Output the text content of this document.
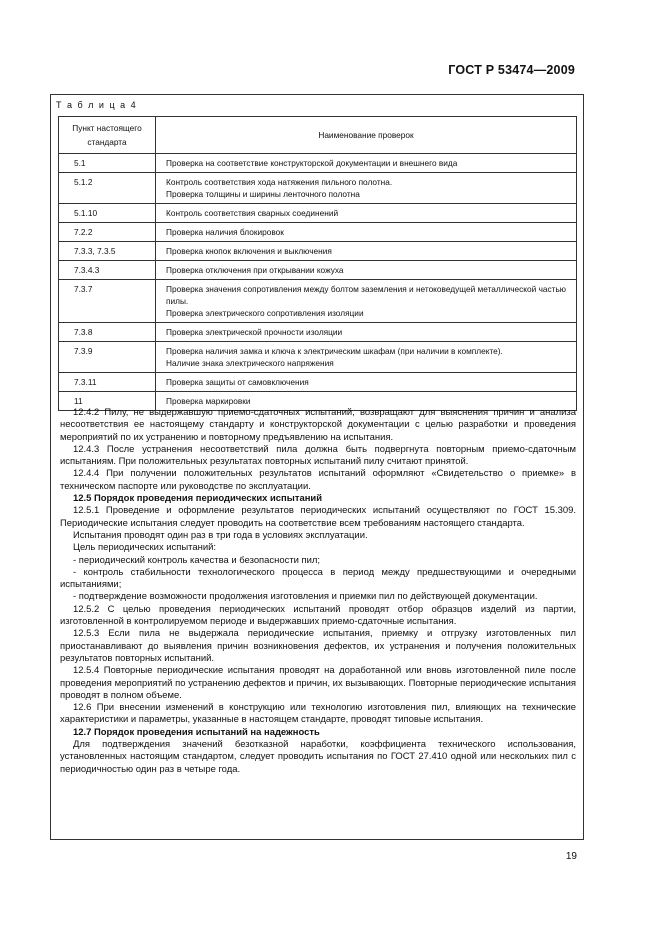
ГОСТ Р 53474—2009
Т а б л и ц а 4
Пункт настоящего стандарта	Наименование проверок
5.1	Проверка на соответствие конструкторской документации и внешнего вида

5.1.2	Контроль соответствия хода натяжения пильного полотна.
Проверка толщины и ширины ленточного полотна

5.1.10	Контроль соответствия сварных соединений

7.2.2	Проверка наличия блокировок

7.3.3, 7.3.5	Проверка кнопок включения и выключения

7.3.4.3	Проверка отключения при открывании кожуха

7.3.7	Проверка значения сопротивления между болтом заземления и нетоковедущей металлической частью пилы.
Проверка электрического сопротивления изоляции

7.3.8	Проверка электрической прочности изоляции

7.3.9	Проверка наличия замка и ключа к электрическим шкафам (при наличии в комплекте).
Наличие знака электрического напряжения

7.3.11	Проверка защиты от самовключения

11	Проверка маркировки

12.4.2 Пилу, не выдержавшую приемо-сдаточных испытаний, возвращают для выяснения причин и анализа несоответствия ее настоящему стандарту и конструкторской документации с целью разработки и проведения мероприятий по их устранению и повторному предъявлению на испытания.

12.4.3 После устранения несоответствий пила должна быть подвергнута повторным приемо-сдаточным испытаниям. При положительных результатах повторных испытаний пилу считают принятой.

12.4.4 При получении положительных результатов испытаний оформляют «Свидетельство о приемке» в техническом паспорте или руководстве по эксплуатации.

12.5 Порядок проведения периодических испытаний

12.5.1 Проведение и оформление результатов периодических испытаний осуществляют по ГОСТ 15.309. Периодические испытания следует проводить на соответствие всем требованиям настоящего стандарта.

Испытания проводят один раз в три года в условиях эксплуатации.

Цель периодических испытаний:

- периодический контроль качества и безопасности пил;

- контроль стабильности технологического процесса в период между предшествующими и очередными испытаниями;

- подтверждение возможности продолжения изготовления и приемки пил по действующей документации.

12.5.2 С целью проведения периодических испытаний проводят отбор образцов изделий из партии, изготовленной в контролируемом периоде и выдержавших приемо-сдаточные испытания.

12.5.3 Если пила не выдержала периодические испытания, приемку и отгрузку изготовленных пил приостанавливают до выявления причин возникновения дефектов, их устранения и получения положительных результатов повторных испытаний.

12.5.4 Повторные периодические испытания проводят на доработанной или вновь изготовленной пиле после проведения мероприятий по устранению дефектов и причин, их вызывающих. Повторные периодические испытания проводят в полном объеме.

12.6 При внесении изменений в конструкцию или технологию изготовления пил, влияющих на технические характеристики и параметры, указанные в настоящем стандарте, проводят типовые испытания.

12.7 Порядок проведения испытаний на надежность

Для подтверждения значений безотказной наработки, коэффициента технического использования, установленных настоящим стандартом, следует проводить испытания по ГОСТ 27.410 одной или нескольких пил с периодичностью один раз в четыре года.

19
